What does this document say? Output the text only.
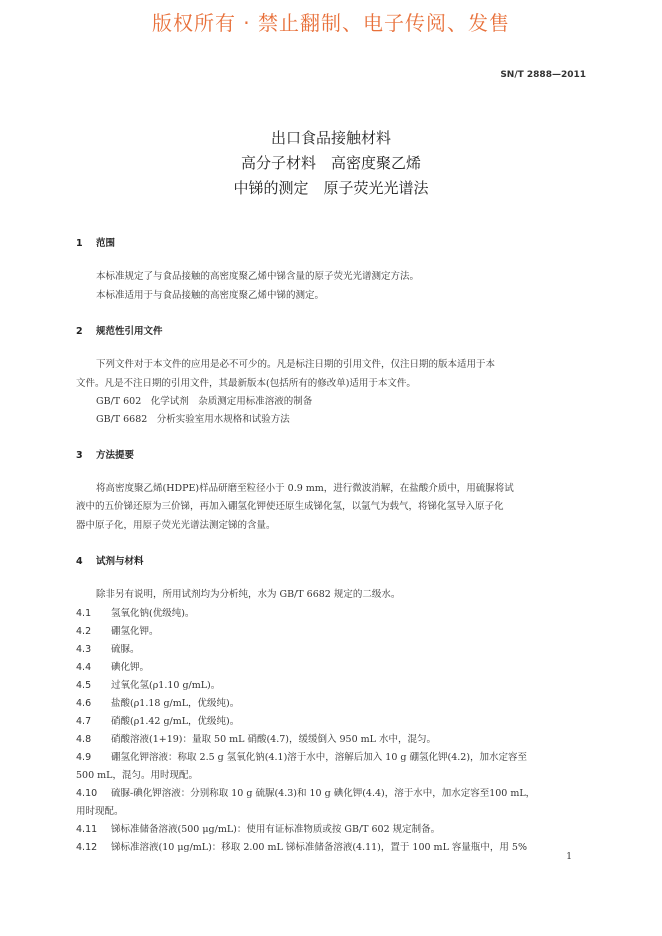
版权所有 · 禁止翻制、电子传阅、发售
SN/T 2888—2011
出口食品接触材料
高分子材料　高密度聚乙烯
中锑的测定　原子荧光光谱法
1 范围
本标准规定了与食品接触的高密度聚乙烯中锑含量的原子荧光光谱测定方法。
本标准适用于与食品接触的高密度聚乙烯中锑的测定。
2 规范性引用文件
下列文件对于本文件的应用是必不可少的。凡是标注日期的引用文件，仅注日期的版本适用于本
文件。凡是不注日期的引用文件，其最新版本(包括所有的修改单)适用于本文件。
GB/T 602　化学试剂　杂质测定用标准溶液的制备
GB/T 6682　分析实验室用水规格和试验方法
3 方法提要
将高密度聚乙烯(HDPE)样品研磨至粒径小于 0.9 mm，进行微波消解，在盐酸介质中，用硫脲将试
液中的五价锑还原为三价锑，再加入硼氢化钾使还原生成锑化氢，以氩气为载气，将锑化氢导入原子化
器中原子化，用原子荧光光谱法测定锑的含量。
4 试剂与材料
除非另有说明，所用试剂均为分析纯，水为 GB/T 6682 规定的二级水。
4.1 氢氧化钠(优级纯)。
4.2 硼氢化钾。
4.3 硫脲。
4.4 碘化钾。
4.5 过氧化氢(ρ1.10 g/mL)。
4.6 盐酸(ρ1.18 g/mL，优级纯)。
4.7 硝酸(ρ1.42 g/mL，优级纯)。
4.8 硝酸溶液(1+19)：量取 50 mL 硝酸(4.7)，缓缓倒入 950 mL 水中，混匀。
4.9 硼氢化钾溶液：称取 2.5 g 氢氧化钠(4.1)溶于水中，溶解后加入 10 g 硼氢化钾(4.2)，加水定容至
500 mL，混匀。用时现配。
4.10 硫脲-碘化钾溶液：分别称取 10 g 硫脲(4.3)和 10 g 碘化钾(4.4)，溶于水中，加水定容至100 mL，
用时现配。
4.11 锑标准储备溶液(500 μg/mL)：使用有证标准物质或按 GB/T 602 规定制备。
4.12 锑标准溶液(10 μg/mL)：移取 2.00 mL 锑标准储备溶液(4.11)，置于 100 mL 容量瓶中，用 5%
1
